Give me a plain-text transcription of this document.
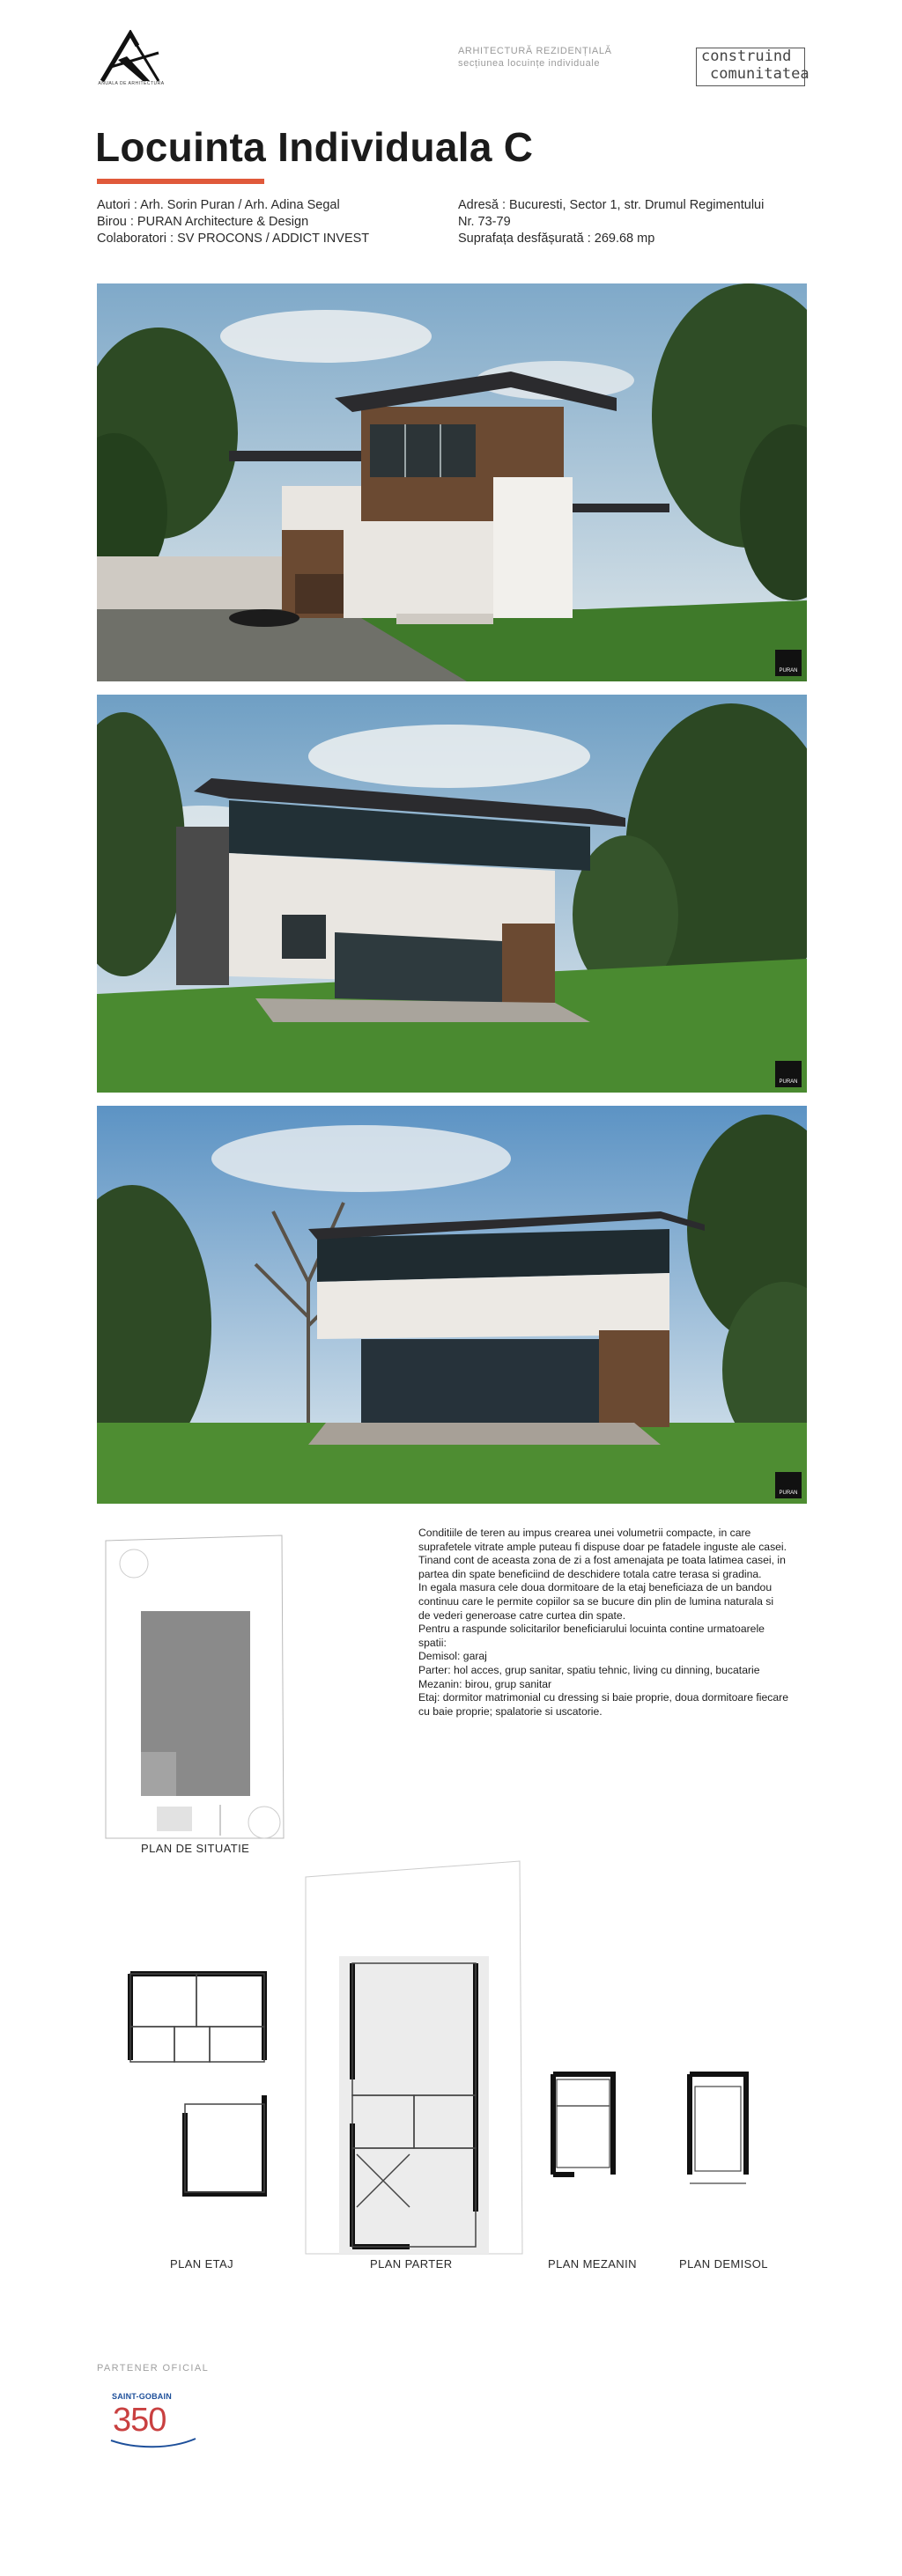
ANUALA DE ARHITECTURA
ARHITECTURĂ REZIDENȚIALĂ
secțiunea locuințe individuale	construind
comunitatea
Locuinta Individuala C
Autori : Arh. Sorin Puran / Arh. Adina Segal
Birou : PURAN Architecture & Design
Colaboratori : SV PROCONS / ADDICT INVEST
Adresă : Bucuresti, Sector 1, str. Drumul Regimentului
Nr. 73-79
Suprafața desfășurată : 269.68 mp
PURAN
PURAN
PURAN
PLAN DE SITUATIE

Conditiile de teren au impus crearea unei volumetrii compacte, in care suprafetele vitrate ample puteau fi dispuse doar pe fatadele inguste ale casei.

Tinand cont de aceasta zona de zi a fost amenajata pe toata latimea casei, in partea din spate beneficiind de deschidere totala catre terasa si gradina.

In egala masura cele doua dormitoare de la etaj beneficiaza de un bandou continuu care le permite copiilor sa se bucure din plin de lumina naturala si de vederi generoase catre curtea din spate.

Pentru a raspunde solicitarilor beneficiarului locuinta contine urmatoarele spatii:

Demisol: garaj

Parter: hol acces, grup sanitar, spatiu tehnic, living cu dinning, bucatarie

Mezanin: birou, grup sanitar

Etaj: dormitor matrimonial cu dressing si baie proprie, doua dormitoare fiecare cu baie proprie; spalatorie si uscatorie.

PLAN ETAJ	PLAN PARTER	PLAN MEZANIN	PLAN DEMISOL
PARTENER OFICIAL
SAINT-GOBAIN
350
